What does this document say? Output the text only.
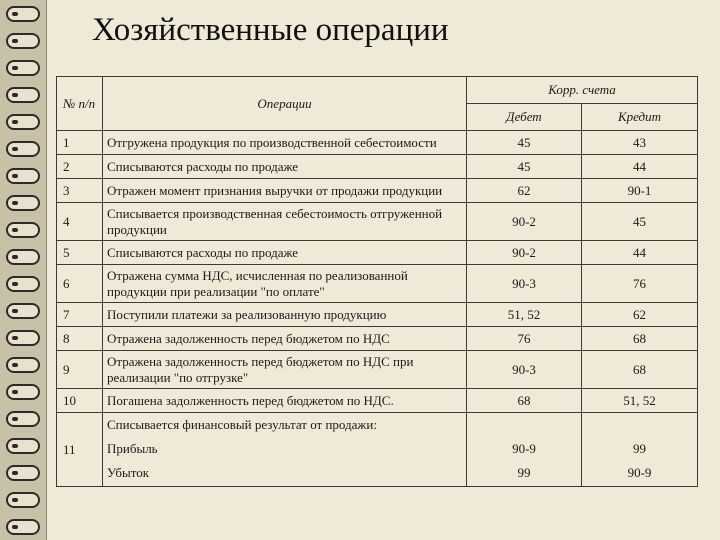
Хозяйственные операции
№ п/п	Операции	Корр. счета	
		Дебет	Кредит
1	Отгружена продукция по производственной себестоимости	45	43
2	Списываются расходы по продаже	45	44
3	Отражен момент признания выручки от продажи продукции	62	90-1
4	Списывается производственная себестоимость отгруженной продукции	90-2	45
5	Списываются расходы по продаже	90-2	44
6	Отражена сумма НДС, исчисленная по реализованной продукции при реализации "по оплате"	90-3	76
7	Поступили платежи за реализованную продукцию	51, 52	62
8	Отражена задолженность перед бюджетом по НДС	76	68
9	Отражена задолженность перед бюджетом по НДС при реализации "по отгрузке"	90-3	68
10	Погашена задолженность перед бюджетом по НДС.	68	51, 52
11	Списывается финансовый результат от продажи:		
	Прибыль	90-9	99
	Убыток	99	90-9
